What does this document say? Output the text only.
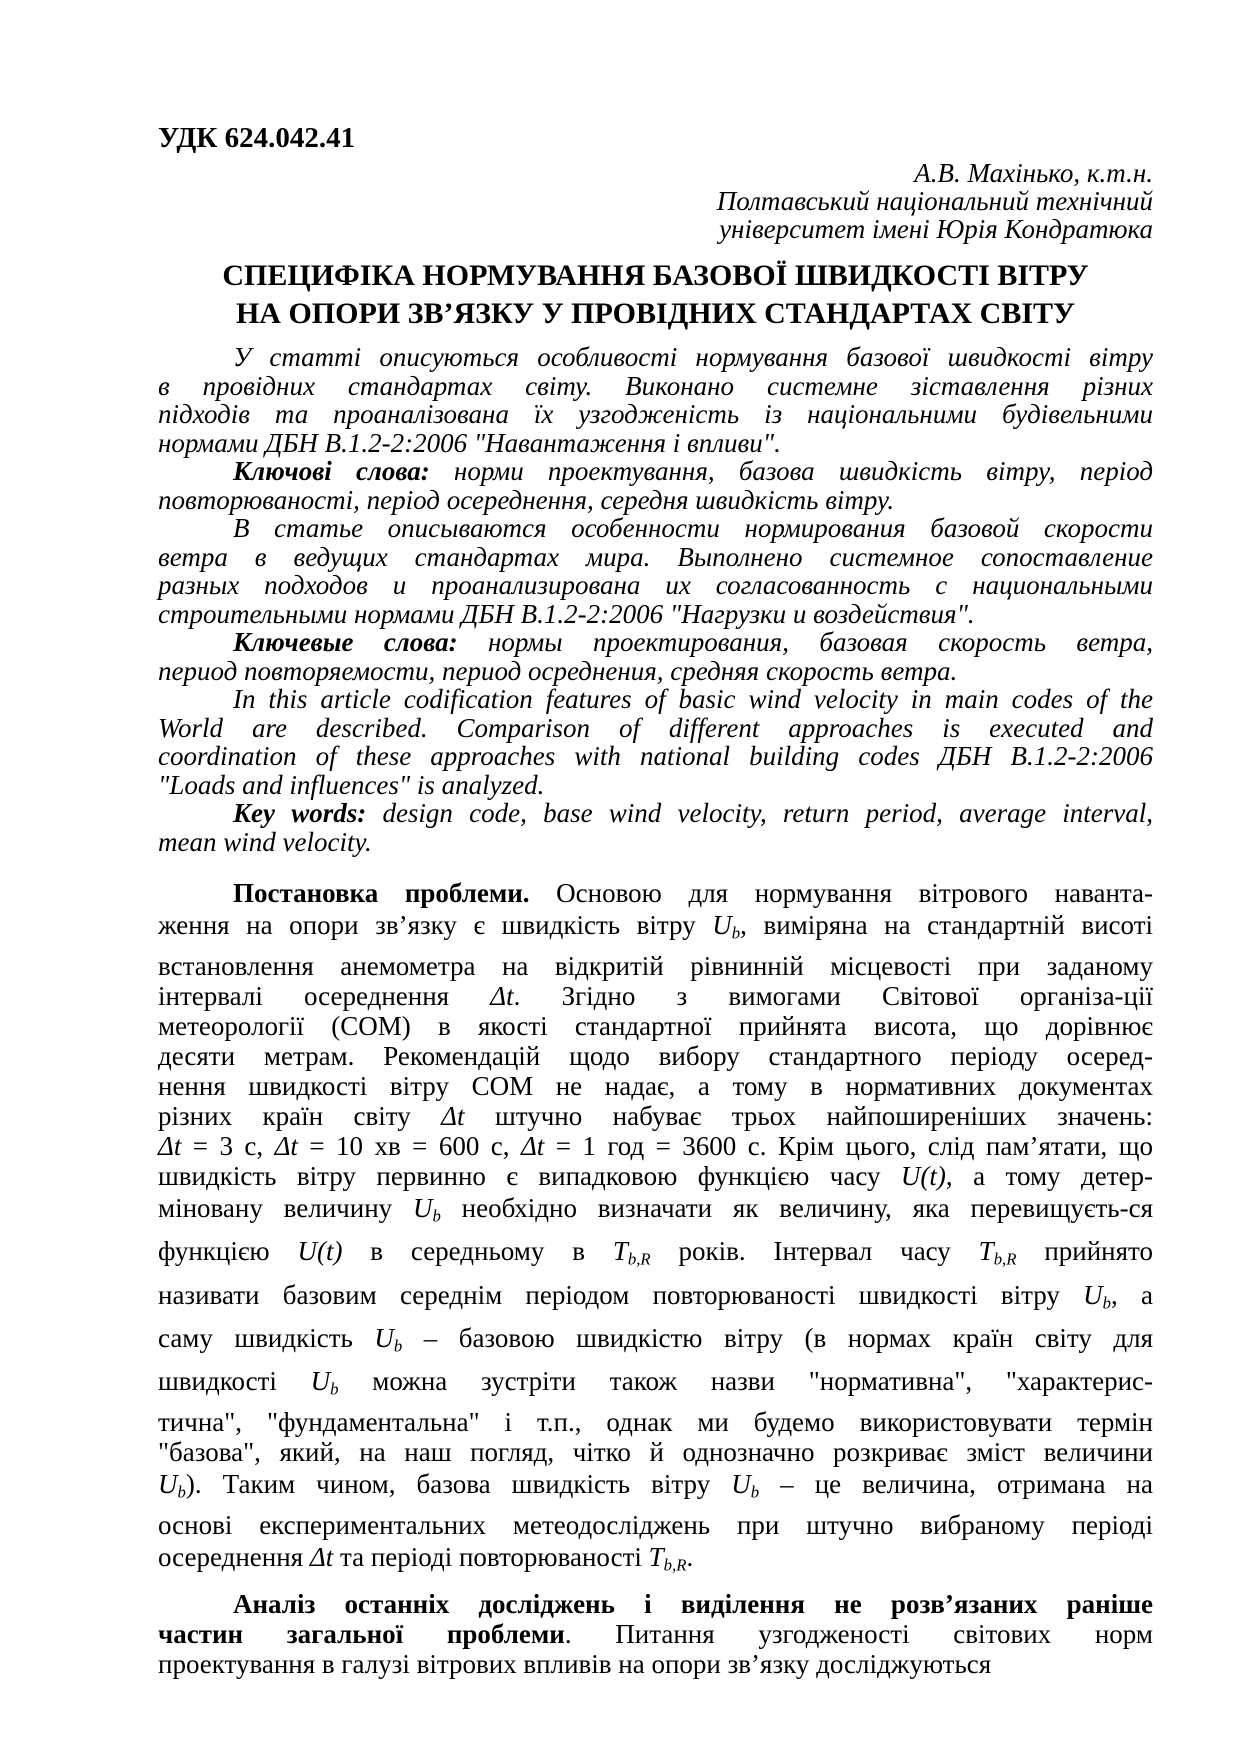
УДК 624.042.41
А.В. Махінько, к.т.н.
Полтавський національний технічний
університет імені Юрія Кондратюка
СПЕЦИФІКА НОРМУВАННЯ БАЗОВОЇ ШВИДКОСТІ ВІТРУ
НА ОПОРИ ЗВ’ЯЗКУ У ПРОВІДНИХ СТАНДАРТАХ СВІТУ
У статті описуються особливості нормування базової швидкості вітру
в провідних стандартах світу. Виконано системне зіставлення різних
підходів та проаналізована їх узгодженість із національними будівельними
нормами ДБН В.1.2-2:2006 "Навантаження і впливи".
Ключові слова: норми проектування, базова швидкість вітру, період
повторюваності, період осереднення, середня швидкість вітру.
В статье описываются особенности нормирования базовой скорости
ветра в ведущих стандартах мира. Выполнено системное сопоставление
разных подходов и проанализирована их согласованность с национальными
строительными нормами ДБН В.1.2-2:2006 "Нагрузки и воздействия".
Ключевые слова: нормы проектирования, базовая скорость ветра,
период повторяемости, период осреднения, средняя скорость ветра.
In this article codification features of basic wind velocity in main codes of the
World are described. Comparison of different approaches is executed and
coordination of these approaches with national building codes ДБН В.1.2-2:2006
"Loads and influences" is analyzed.
Key words: design code, base wind velocity, return period, average interval,
mean wind velocity.
Постановка проблеми. Основою для нормування вітрового наванта-
ження на опори зв’язку є швидкість вітру $U_b$, виміряна на стандартній висоті
встановлення анемометра на відкритій рівнинній місцевості при заданому
інтервалі осереднення Δt. Згідно з вимогами Світової організа-ції
метеорології (СОМ) в якості стандартної прийнята висота, що дорівнює
десяти метрам. Рекомендацій щодо вибору стандартного періоду осеред-
нення швидкості вітру СОМ не надає, а тому в нормативних документах
різних країн світу Δt штучно набуває трьох найпоширеніших значень:
Δt = 3 с, Δt = 10 хв = 600 с, Δt = 1 год = 3600 с. Крім цього, слід пам’ятати, що
швидкість вітру первинно є випадковою функцією часу U(t), а тому детер-
міновану величину $U_b$ необхідно визначати як величину, яка перевищуєть-ся
функцією U(t) в середньому в $T_{b,R}$ років. Інтервал часу $T_{b,R}$ прийнято
називати базовим середнім періодом повторюваності швидкості вітру $U_b$, а
саму швидкість $U_b$ – базовою швидкістю вітру (в нормах країн світу для
швидкості $U_b$ можна зустріти також назви "нормативна", "характерис-
тична", "фундаментальна" і т.п., однак ми будемо використовувати термін
"базова", який, на наш погляд, чітко й однозначно розкриває зміст величини
$U_b$). Таким чином, базова швидкість вітру $U_b$ – це величина, отримана на
основі експериментальних метеодосліджень при штучно вибраному періоді
осереднення Δt та періоді повторюваності $T_{b,R}$.
Аналіз останніх досліджень і виділення не розв’язаних раніше
частин загальної проблеми. Питання узгодженості світових норм
проектування в галузі вітрових впливів на опори зв’язку досліджуються
